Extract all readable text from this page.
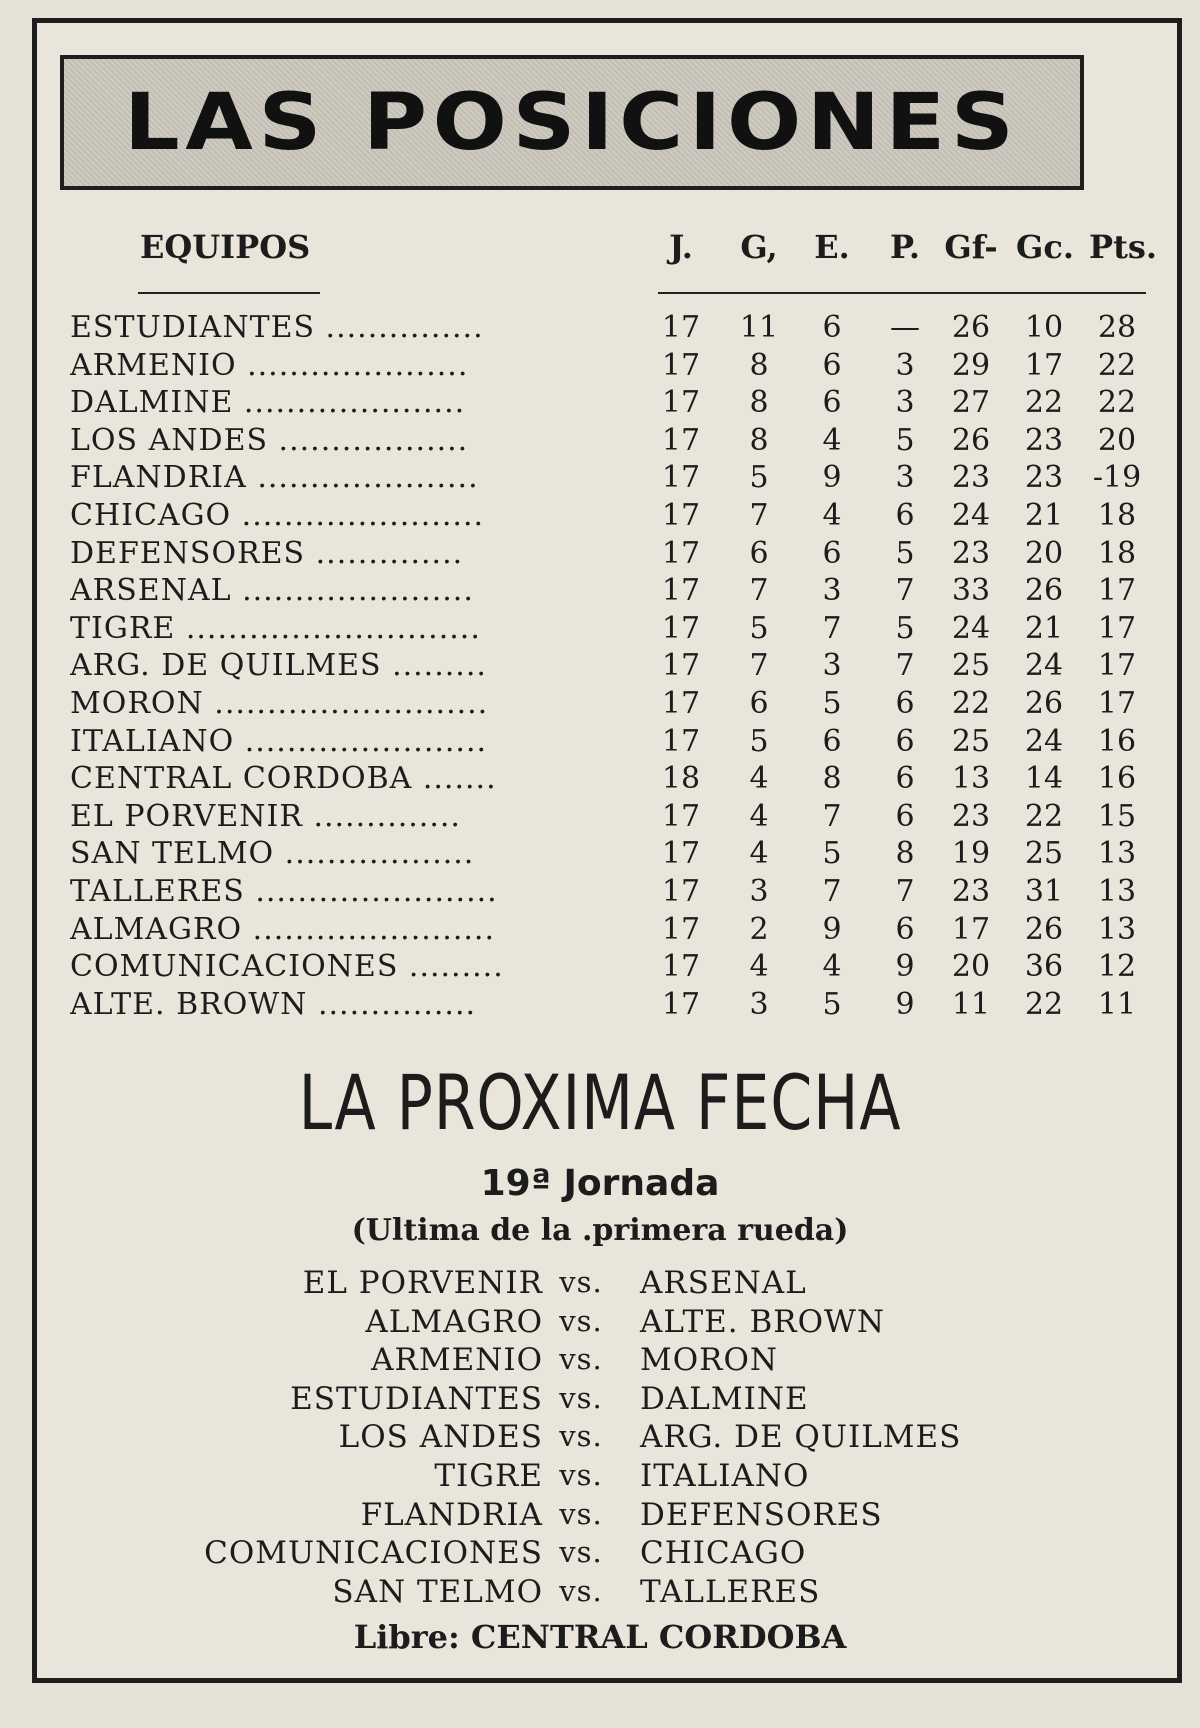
LAS POSICIONES
EQUIPOS	J.	G,	E.	P. Gf- Gc. Pts.
ESTUDIANTES ...............	17 11	6	—	26 10 28
ARMENIO .....................	17	8	6	3	29 17 22
DALMINE .....................	17	8	6	3	27 22 22
LOS ANDES ..................	17	8	4	5	26 23 20
FLANDRIA .....................	17	5	9	3	23 23 -19
CHICAGO .......................	17	7	4	6	24 21 18
DEFENSORES ..............	17	6	6	5	23 20 18
ARSENAL ......................	17	7	3	7	33 26 17
TIGRE ............................	17	5	7	5	24 21 17
ARG. DE QUILMES .........	17	7	3	7	25 24 17
MORON ..........................	17	6	5	6	22 26 17
ITALIANO .......................	17	5	6	6	25 24 16
CENTRAL CORDOBA .......	18	4	8	6	13 14 16
EL PORVENIR ..............	17	4	7	6	23 22 15
SAN TELMO ..................	17	4	5	8	19 25 13
TALLERES .......................	17	3	7	7	23 31 13
ALMAGRO .......................	17	2	9	6	17 26 13
COMUNICACIONES .........	17	4	4	9	20 36 12
ALTE. BROWN ...............	17	3	5	9	11 22 11
LA PROXIMA FECHA
19ª Jornada
(Ultima de la .primera rueda)
EL PORVENIR vs. ARSENAL
ALMAGRO vs. ALTE. BROWN
ARMENIO vs. MORON
ESTUDIANTES vs. DALMINE
LOS ANDES vs. ARG. DE QUILMES
TIGRE vs. ITALIANO
FLANDRIA vs. DEFENSORES
COMUNICACIONES vs. CHICAGO
SAN TELMO vs. TALLERES
Libre: CENTRAL CORDOBA
